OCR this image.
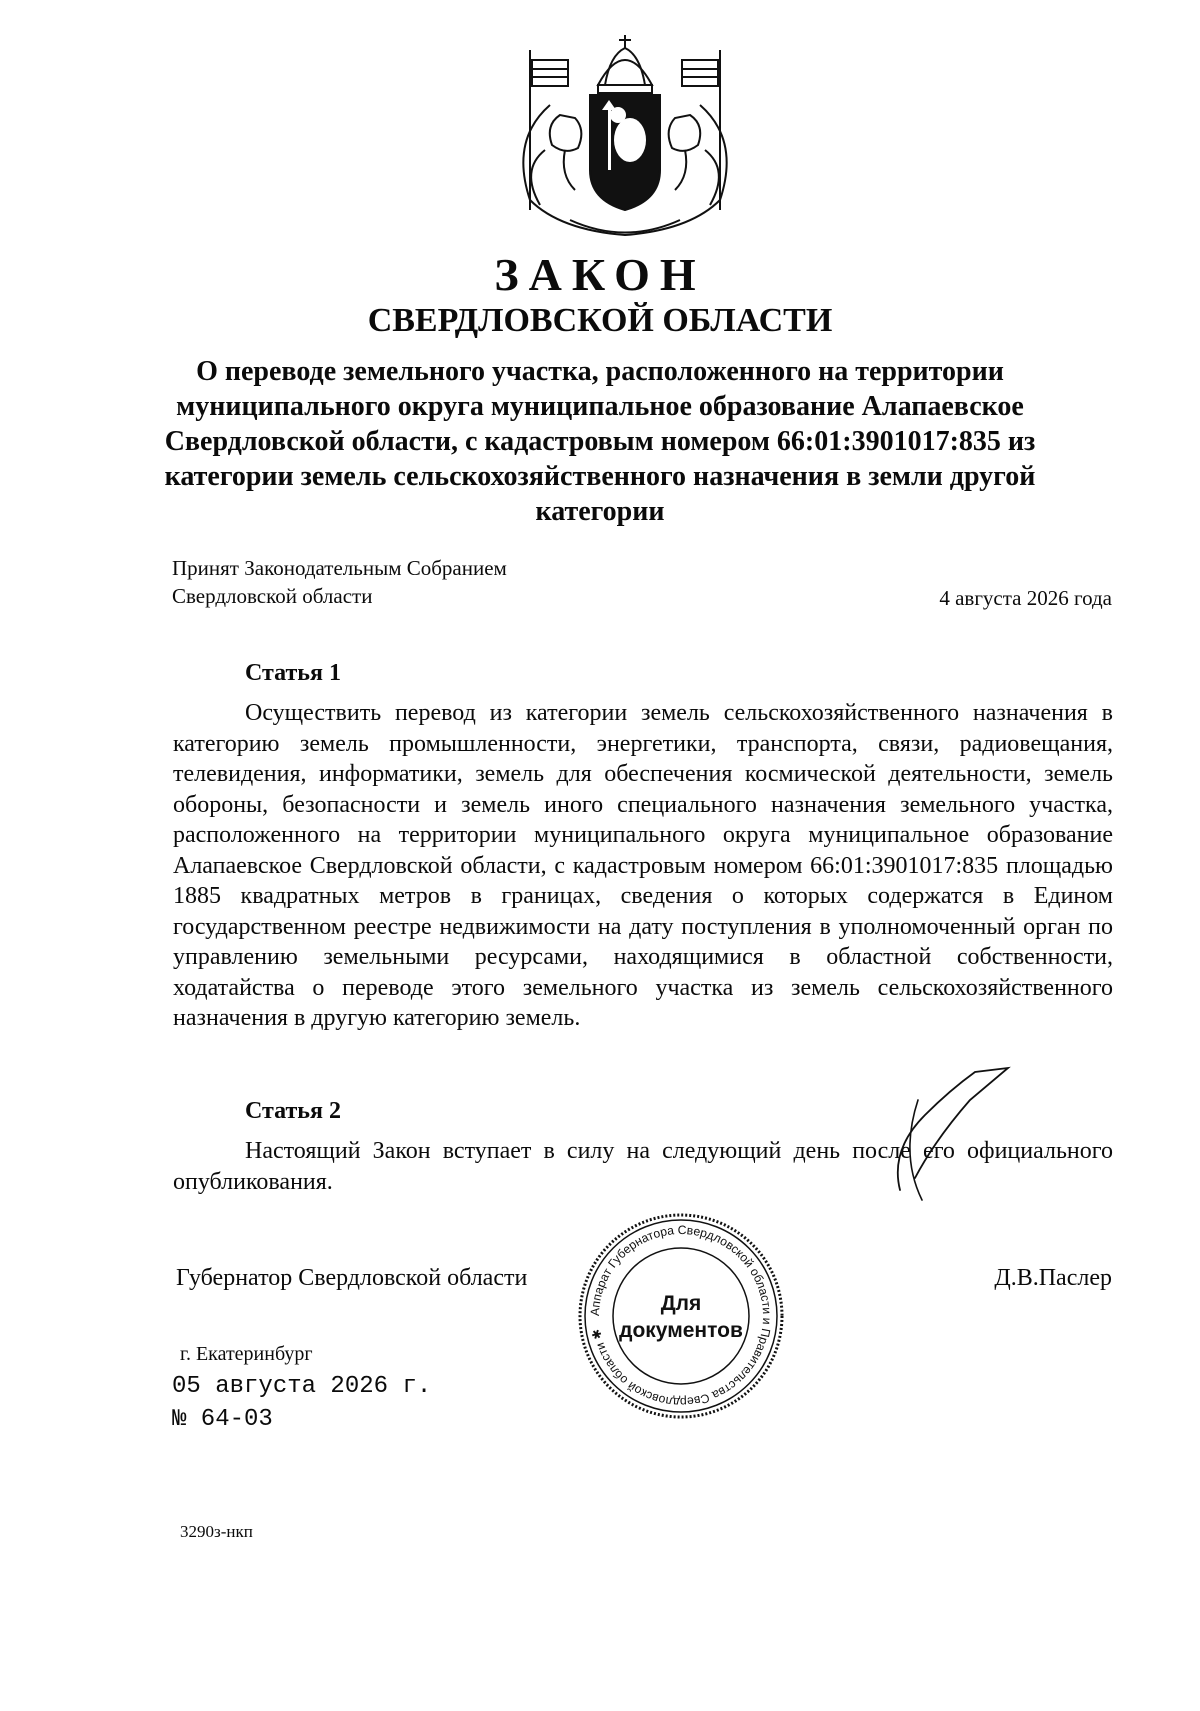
ЗАКОН
СВЕРДЛОВСКОЙ ОБЛАСТИ
О переводе земельного участка, расположенного на территории муниципального округа муниципальное образование Алапаевское Свердловской области, с кадастровым номером 66:01:3901017:835 из категории земель сельскохозяйственного назначения в земли другой категории
Принят Законодательным Собранием
Свердловской области	4 августа 2026 года
Статья 1
Осуществить перевод из категории земель сельскохозяйственного назначения в категорию земель промышленности, энергетики, транспорта, связи, радиовещания, телевидения, информатики, земель для обеспечения космической деятельности, земель обороны, безопасности и земель иного специального назначения земельного участка, расположенного на территории муниципального округа муниципальное образование Алапаевское Свердловской области, с кадастровым номером 66:01:3901017:835 площадью 1885 квадратных метров в границах, сведения о которых содержатся в Едином государственном реестре недвижимости на дату поступления в уполномоченный орган по управлению земельными ресурсами, находящимися в областной собственности, ходатайства о переводе этого земельного участка из земель сельскохозяйственного назначения в другую категорию земель.
Статья 2
Настоящий Закон вступает в силу на следующий день после его официального опубликования.
Губернатор Свердловской области	Д.В.Паслер
г. Екатеринбург
05 августа 2026 г.
№ 64-03
3290з-нкп
Аппарат Губернатора Свердловской области и Правительства Свердловской области ✱
Для
документов
